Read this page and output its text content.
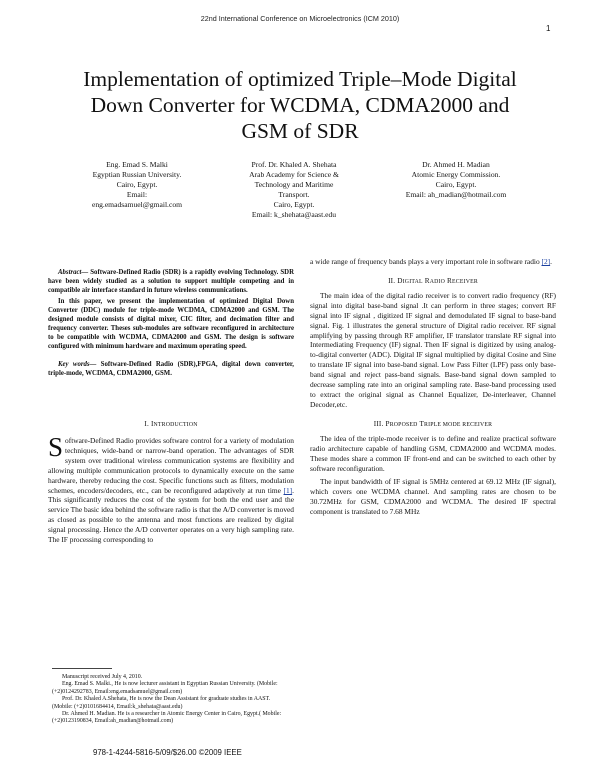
22nd International Conference on Microelectronics (ICM 2010)
1
Implementation of optimized Triple–Mode Digital
Down Converter for WCDMA, CDMA2000 and
GSM of SDR
Eng. Emad S. Malki
Egyptian Russian University.
Cairo, Egypt.
Email:
eng.emadsamuel@gmail.com
Prof. Dr. Khaled A. Shehata
Arab Academy for Science &
Technology and Maritime
Transport.
Cairo, Egypt.
Email: k_shehata@aast.edu
Dr. Ahmed H. Madian
Atomic Energy Commission.
Cairo, Egypt.
Email: ah_madian@hotmail.com

Abstract— Software-Defined Radio (SDR) is a rapidly evolving Technology. SDR have been widely studied as a solution to support multiple competing and in compatible air interface standard in future wireless communications.

In this paper, we present the implementation of optimized Digital Down Converter (DDC) module for triple-mode WCDMA, CDMA2000 and GSM. The designed module consists of digital mixer, CIC filter, and decimation filter and frequency converter. Theses sub-modules are software reconfigured in architecture to be compatible with WCDMA, CDMA2000 and GSM. The design is software configured with minimum hardware and maximum operating speed.

Key words— Software-Defined Radio (SDR),FPGA, digital down converter, triple-mode, WCDMA, CDMA2000, GSM.

I. INTRODUCTION
Software-Defined Radio provides software control for a variety of modulation techniques, wide-band or narrow-band operation. The advantages of SDR system over traditional wireless communication systems are flexibility and allowing multiple communication protocols to dynamically execute on the same hardware, thereby reducing the cost. Specific functions such as filters, modulation schemes, encoders/decoders, etc., can be reconfigured adaptively at run time [1]. This significantly reduces the cost of the system for both the end user and the service The basic idea behind the software radio is that the A/D converter is moved as closed as possible to the antenna and most functions are realized by digital signal processing. Hence the A/D converter operates on a very high sampling rate. The IF processing corresponding to

a wide range of frequency bands plays a very important role in software radio [2].

II. DIGITAL RADIO RECEIVER

The main idea of the digital radio receiver is to convert radio frequency (RF) signal into digital base-band signal .It can perform in three stages; convert RF signal into IF signal , digitized IF signal and demodulated IF signal to base-band signal. Fig. 1 illustrates the general structure of Digital radio receiver. RF signal amplifying by passing through RF amplifier, IF translator translate RF signal into Intermediating Frequency (IF) signal. Then IF signal is digitized by using analog-to-digital converter (ADC). Digital IF signal multiplied by digital Cosine and Sine to translate IF signal into base-band signal. Low Pass Filter (LPF) pass only base-band signal and reject pass-band signals. Base-band signal down sampled to decrease sampling rate into an original sampling rate. Base-band processing used to extract the original signal as Channel Equalizer, De-interleaver, Channel Decoder,etc.

III. PROPOSED TRIPLE MODE RECEIVER

The idea of the triple-mode receiver is to define and realize practical software radio architecture capable of handling GSM, CDMA2000 and WCDMA modes. These modes share a common IF front-end and can be switched to each other by software reconfiguration.

The input bandwidth of IF signal is 5MHz centered at 69.12 MHz (IF signal), which covers one WCDMA channel. And sampling rates are chosen to be 30.72MHz for GSM, CDMA2000 and WCDMA. The desired IF spectral component is translated to 7.68 MHz

Manuscript received July 4, 2010.
Eng. Emad S. Malki., He is now lecturer assistant in Egyptian Russian University. (Mobile: (+2)0124292783, Email:eng.emadsamuel@gmail.com)
Prof. Dr. Khaled A.Shehata, He is now the Dean Assistant for graduate studies in AAST.(Mobile: (+2)0101684414, Email:k_shehata@aast.edu)
Dr. Ahmed H. Madian. He is a researcher in Atomic Energy Center in Cairo, Egypt.( Mobile: (+2)0123190834, Email:ah_madian@hotmail.com)
978-1-4244-5816-5/09/$26.00 ©2009 IEEE
